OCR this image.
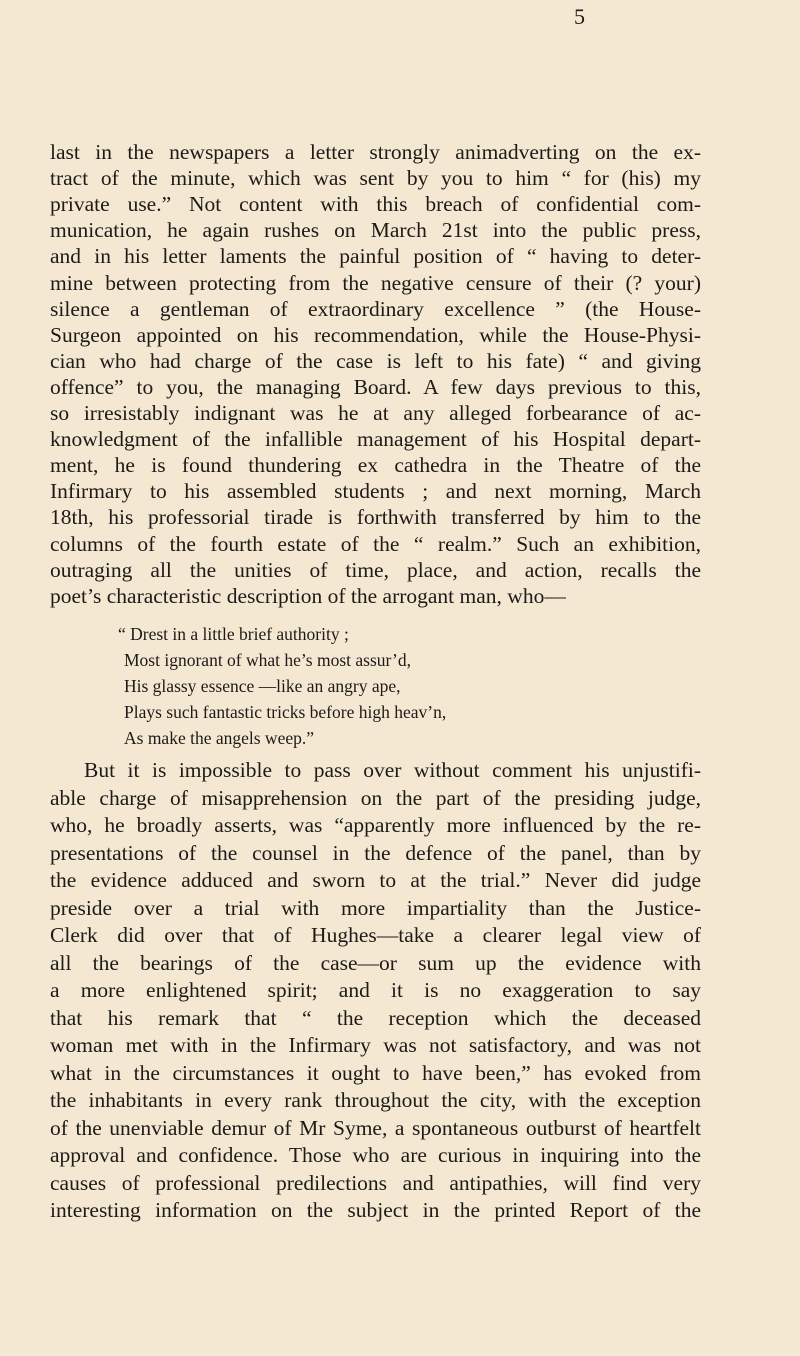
5
last in the newspapers a letter strongly animadverting on the ex-
tract of the minute, which was sent by you to him “ for (his) my
private use.” Not content with this breach of confidential com-
munication, he again rushes on March 21st into the public press,
and in his letter laments the painful position of “ having to deter-
mine between protecting from the negative censure of their (? your)
silence a gentleman of extraordinary excellence ” (the House-
Surgeon appointed on his recommendation, while the House-Physi-
cian who had charge of the case is left to his fate) “ and giving
offence” to you, the managing Board. A few days previous to this,
so irresistably indignant was he at any alleged forbearance of ac-
knowledgment of the infallible management of his Hospital depart-
ment, he is found thundering ex cathedra in the Theatre of the
Infirmary to his assembled students ; and next morning, March
18th, his professorial tirade is forthwith transferred by him to the
columns of the fourth estate of the “ realm.” Such an exhibition,
outraging all the unities of time, place, and action, recalls the
poet’s characteristic description of the arrogant man, who—
“ Drest in a little brief authority ;
Most ignorant of what he’s most assur’d,
His glassy essence —like an angry ape,
Plays such fantastic tricks before high heav’n,
As make the angels weep.”
But it is impossible to pass over without comment his unjustifi-
able charge of misapprehension on the part of the presiding judge,
who, he broadly asserts, was “apparently more influenced by the re-
presentations of the counsel in the defence of the panel, than by
the evidence adduced and sworn to at the trial.” Never did judge
preside over a trial with more impartiality than the Justice-
Clerk did over that of Hughes—take a clearer legal view of
all the bearings of the case—or sum up the evidence with
a more enlightened spirit; and it is no exaggeration to say
that his remark that “ the reception which the deceased
woman met with in the Infirmary was not satisfactory, and was not
what in the circumstances it ought to have been,” has evoked from
the inhabitants in every rank throughout the city, with the exception
of the unenviable demur of Mr Syme, a spontaneous outburst of heartfelt
approval and confidence. Those who are curious in inquiring into the
causes of professional predilections and antipathies, will find very
interesting information on the subject in the printed Report of the
